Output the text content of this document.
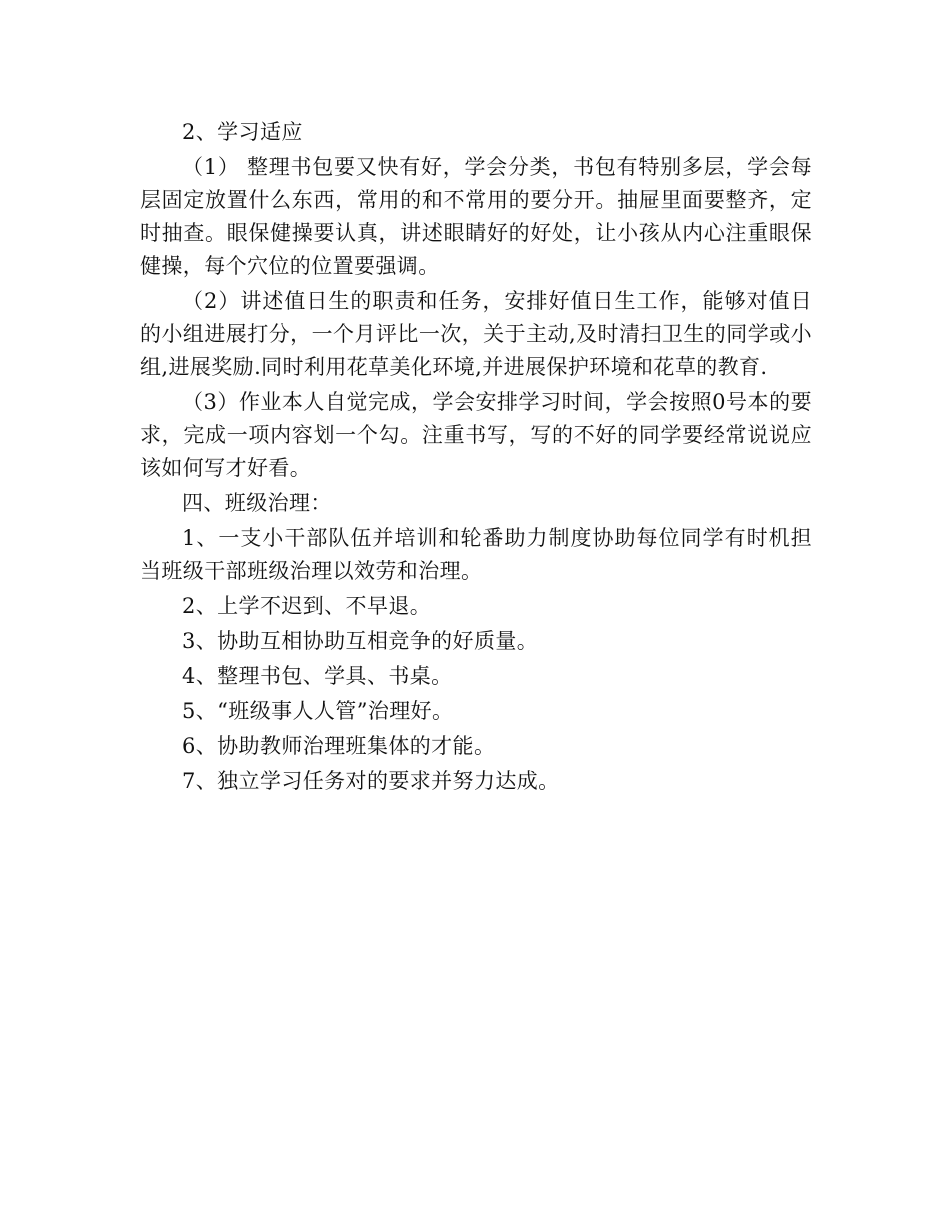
2、学习适应

（1） 整理书包要又快有好，学会分类，书包有特别多层，学会每层固定放置什么东西，常用的和不常用的要分开。抽屉里面要整齐，定时抽查。眼保健操要认真，讲述眼睛好的好处，让小孩从内心注重眼保健操，每个穴位的位置要强调。

（2）讲述值日生的职责和任务，安排好值日生工作，能够对值日的小组进展打分，一个月评比一次，关于主动,及时清扫卫生的同学或小组,进展奖励.同时利用花草美化环境,并进展保护环境和花草的教育.

（3）作业本人自觉完成，学会安排学习时间，学会按照0号本的要求，完成一项内容划一个勾。注重书写，写的不好的同学要经常说说应该如何写才好看。

四、班级治理：

1、一支小干部队伍并培训和轮番助力制度协助每位同学有时机担当班级干部班级治理以效劳和治理。

2、上学不迟到、不早退。

3、协助互相协助互相竞争的好质量。

4、整理书包、学具、书桌。

5、“班级事人人管”治理好。

6、协助教师治理班集体的才能。

7、独立学习任务对的要求并努力达成。
